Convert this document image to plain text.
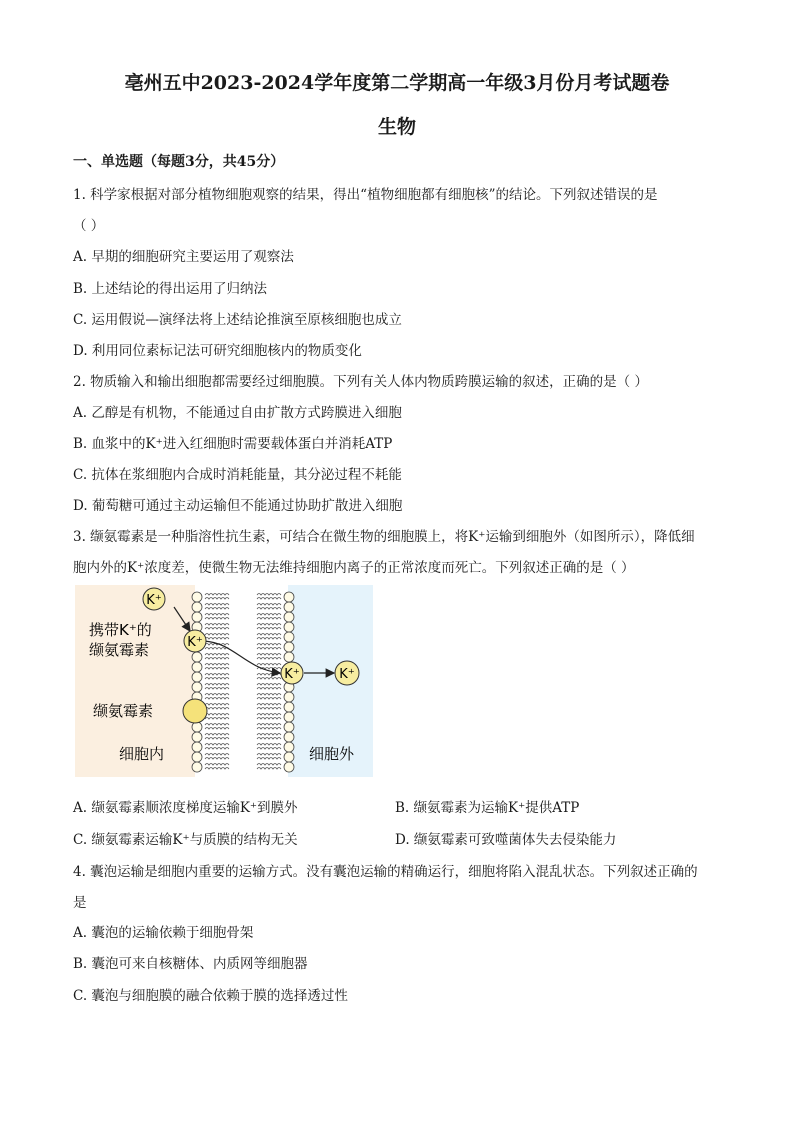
亳州五中2023-2024学年度第二学期高一年级3月份月考试题卷
生物
一、单选题（每题3分，共45分）
1. 科学家根据对部分植物细胞观察的结果，得出“植物细胞都有细胞核”的结论。下列叙述错误的是
（ ）
A. 早期的细胞研究主要运用了观察法
B. 上述结论的得出运用了归纳法
C. 运用假说—演绎法将上述结论推演至原核细胞也成立
D. 利用同位素标记法可研究细胞核内的物质变化
2. 物质输入和输出细胞都需要经过细胞膜。下列有关人体内物质跨膜运输的叙述，正确的是（ ）
A. 乙醇是有机物，不能通过自由扩散方式跨膜进入细胞
B. 血浆中的K⁺进入红细胞时需要载体蛋白并消耗ATP
C. 抗体在浆细胞内合成时消耗能量，其分泌过程不耗能
D. 葡萄糖可通过主动运输但不能通过协助扩散进入细胞
3. 缬氨霉素是一种脂溶性抗生素，可结合在微生物的细胞膜上，将K⁺运输到细胞外（如图所示），降低细
胞内外的K⁺浓度差，使微生物无法维持细胞内离子的正常浓度而死亡。下列叙述正确的是（ ）
K⁺
K⁺
K⁺	K⁺
携带K⁺的
缬氨霉素
缬氨霉素
细胞内	细胞外
A. 缬氨霉素顺浓度梯度运输K⁺到膜外	B. 缬氨霉素为运输K⁺提供ATP
C. 缬氨霉素运输K⁺与质膜的结构无关	D. 缬氨霉素可致噬菌体失去侵染能力
4. 囊泡运输是细胞内重要的运输方式。没有囊泡运输的精确运行，细胞将陷入混乱状态。下列叙述正确的
是
A. 囊泡的运输依赖于细胞骨架
B. 囊泡可来自核糖体、内质网等细胞器
C. 囊泡与细胞膜的融合依赖于膜的选择透过性
